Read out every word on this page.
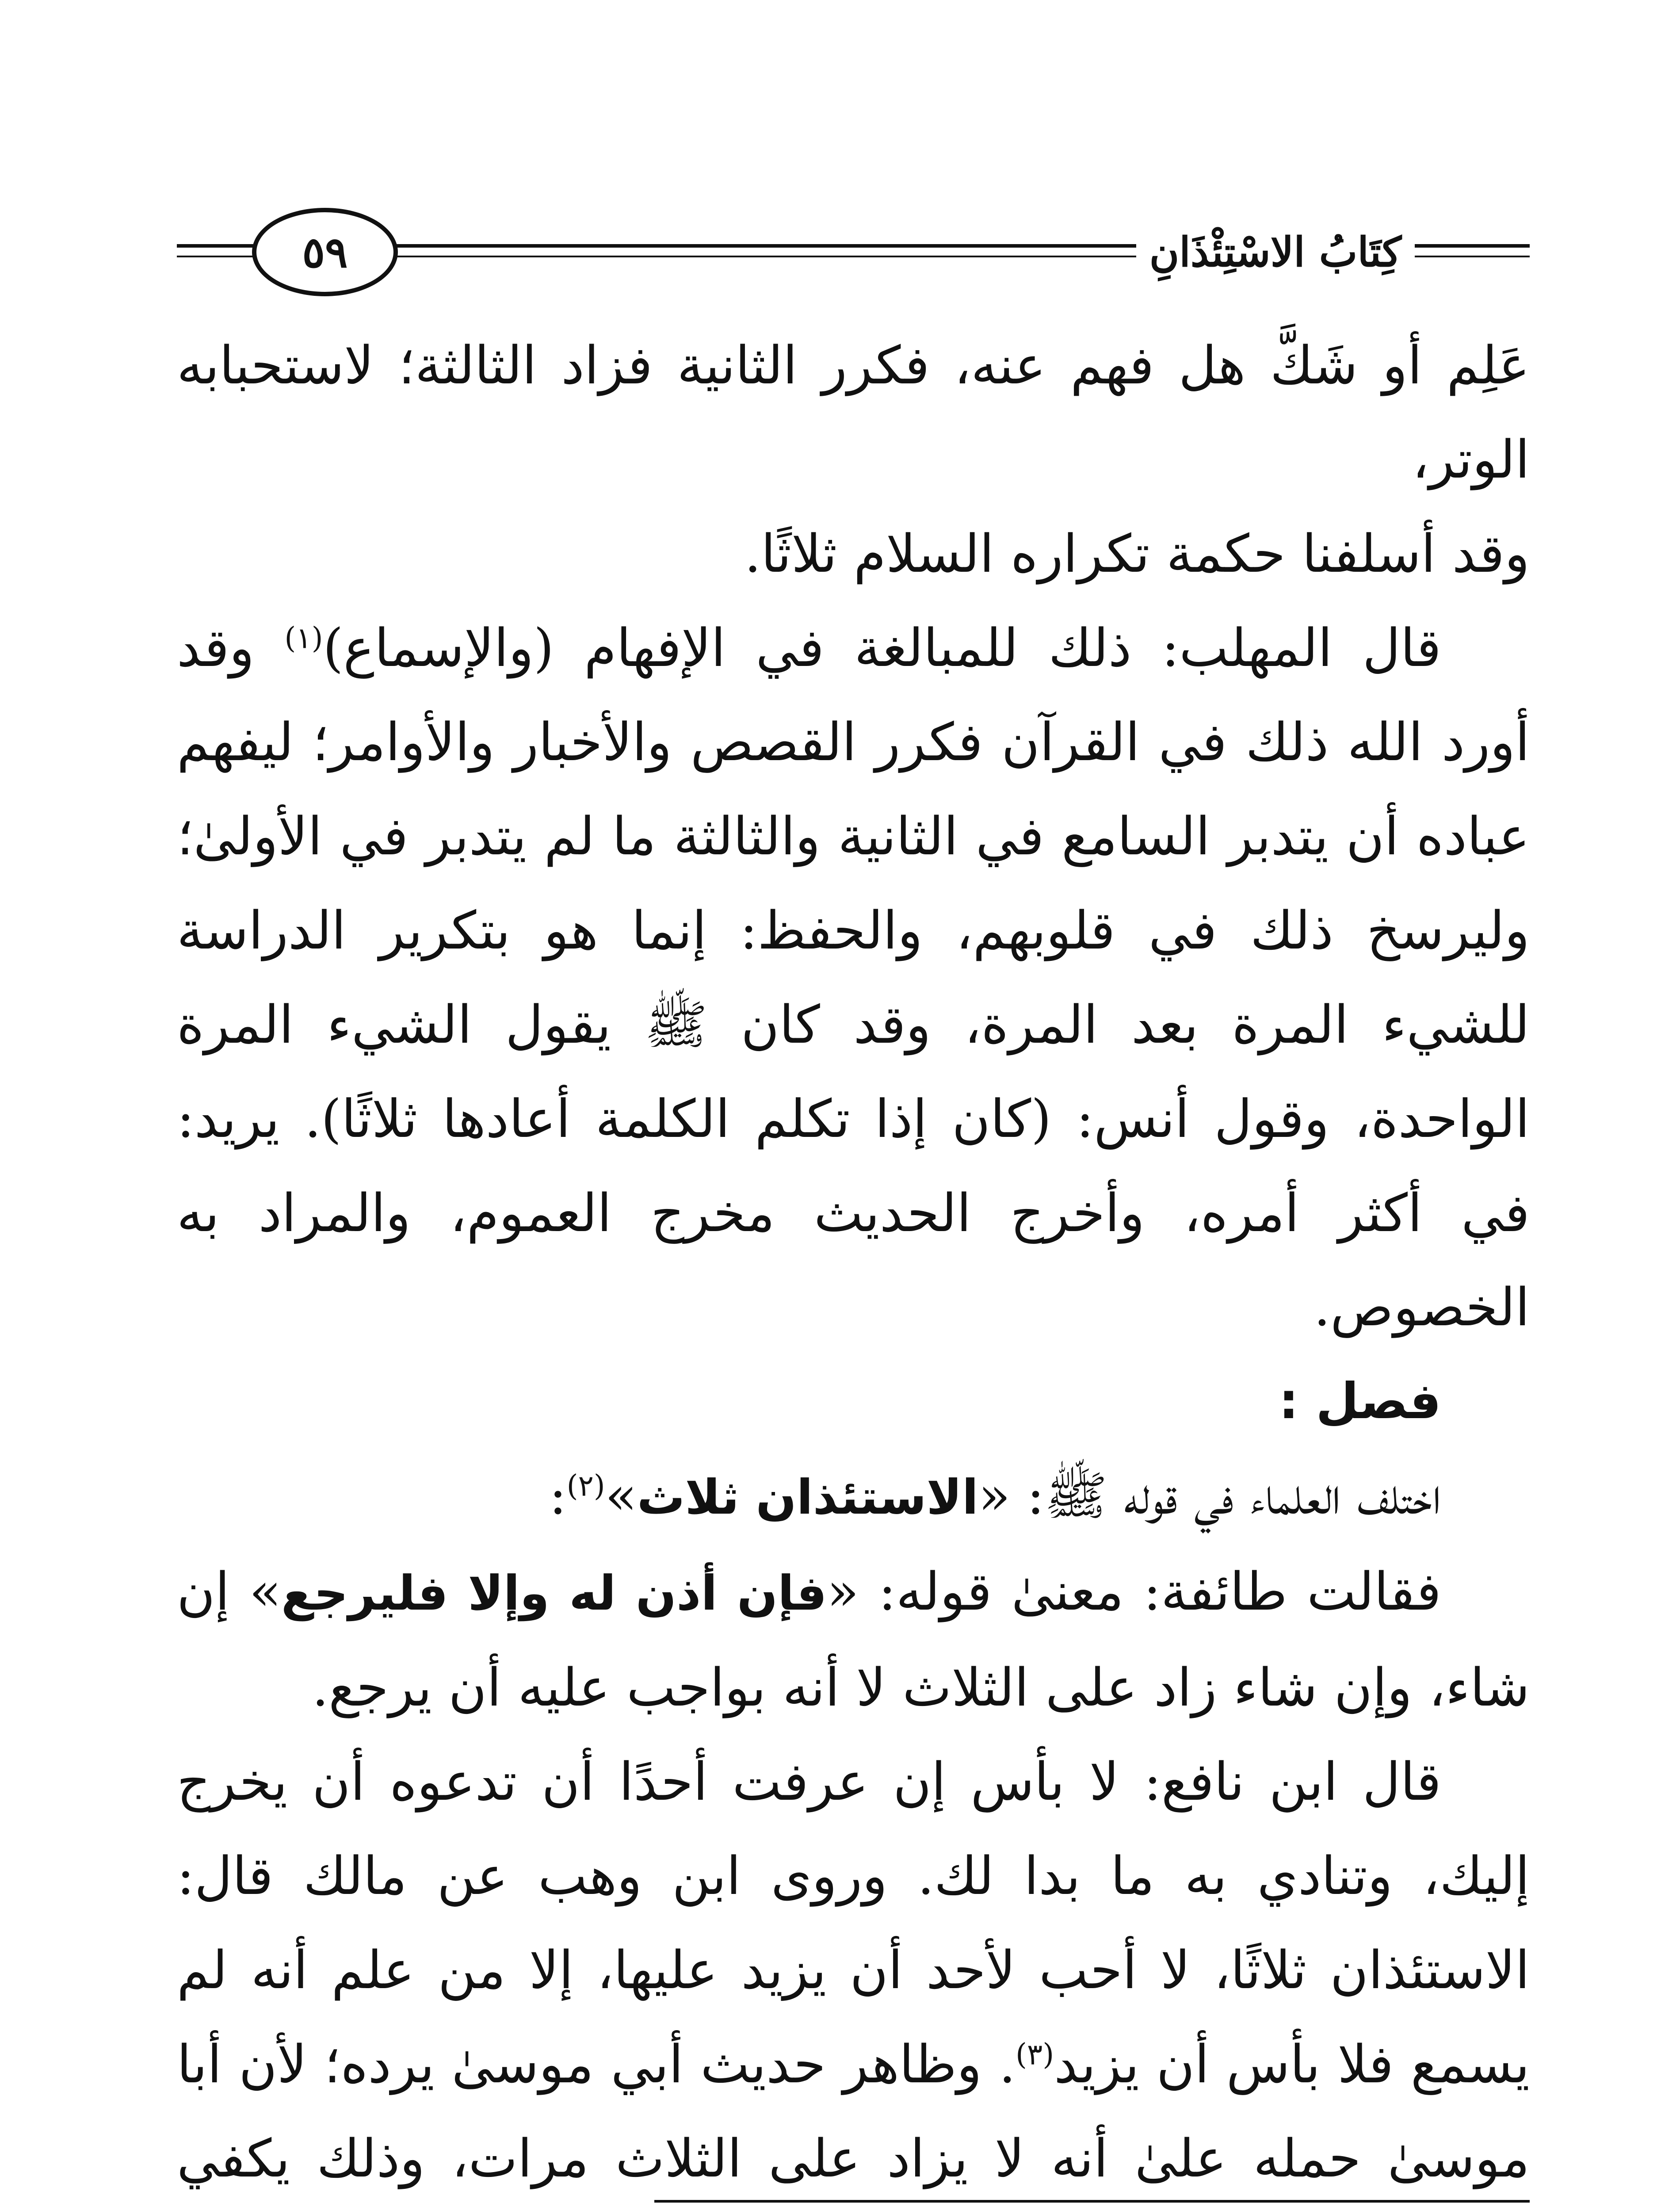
كِتَابُ الاسْتِئْذَانِ
٥٩

عَلِم أو شَكَّ هل فهم عنه، فكرر الثانية فزاد الثالثة؛ لاستحبابه الوتر،

وقد أسلفنا حكمة تكراره السلام ثلاثًا.

قال المهلب: ذلك للمبالغة في الإفهام (والإسماع)$^{(١)}$ وقد أورد الله ذلك في القرآن فكرر القصص والأخبار والأوامر؛ ليفهم عباده أن يتدبر السامع في الثانية والثالثة ما لم يتدبر في الأولىٰ؛ وليرسخ ذلك في قلوبهم، والحفظ: إنما هو بتكرير الدراسة للشيء المرة بعد المرة، وقد كان ﷺ يقول الشيء المرة الواحدة، وقول أنس: (كان إذا تكلم الكلمة أعادها ثلاثًا). يريد: في أكثر أمره، وأخرج الحديث مخرج العموم، والمراد به الخصوص.

فصل :

اختلف العلماء في قوله ﷺ: «الاستئذان ثلاث»$^{(٢)}$:

فقالت طائفة: معنىٰ قوله: «فإن أذن له وإلا فليرجع» إن شاء، وإن شاء زاد على الثلاث لا أنه بواجب عليه أن يرجع.

قال ابن نافع: لا بأس إن عرفت أحدًا أن تدعوه أن يخرج إليك، وتنادي به ما بدا لك. وروى ابن وهب عن مالك قال: الاستئذان ثلاثًا، لا أحب لأحد أن يزيد عليها، إلا من علم أنه لم يسمع فلا بأس أن يزيد$^{(٣)}$. وظاهر حديث أبي موسىٰ يرده؛ لأن أبا موسىٰ حمله علىٰ أنه لا يزاد على الثلاث مرات، وذلك يكفي
